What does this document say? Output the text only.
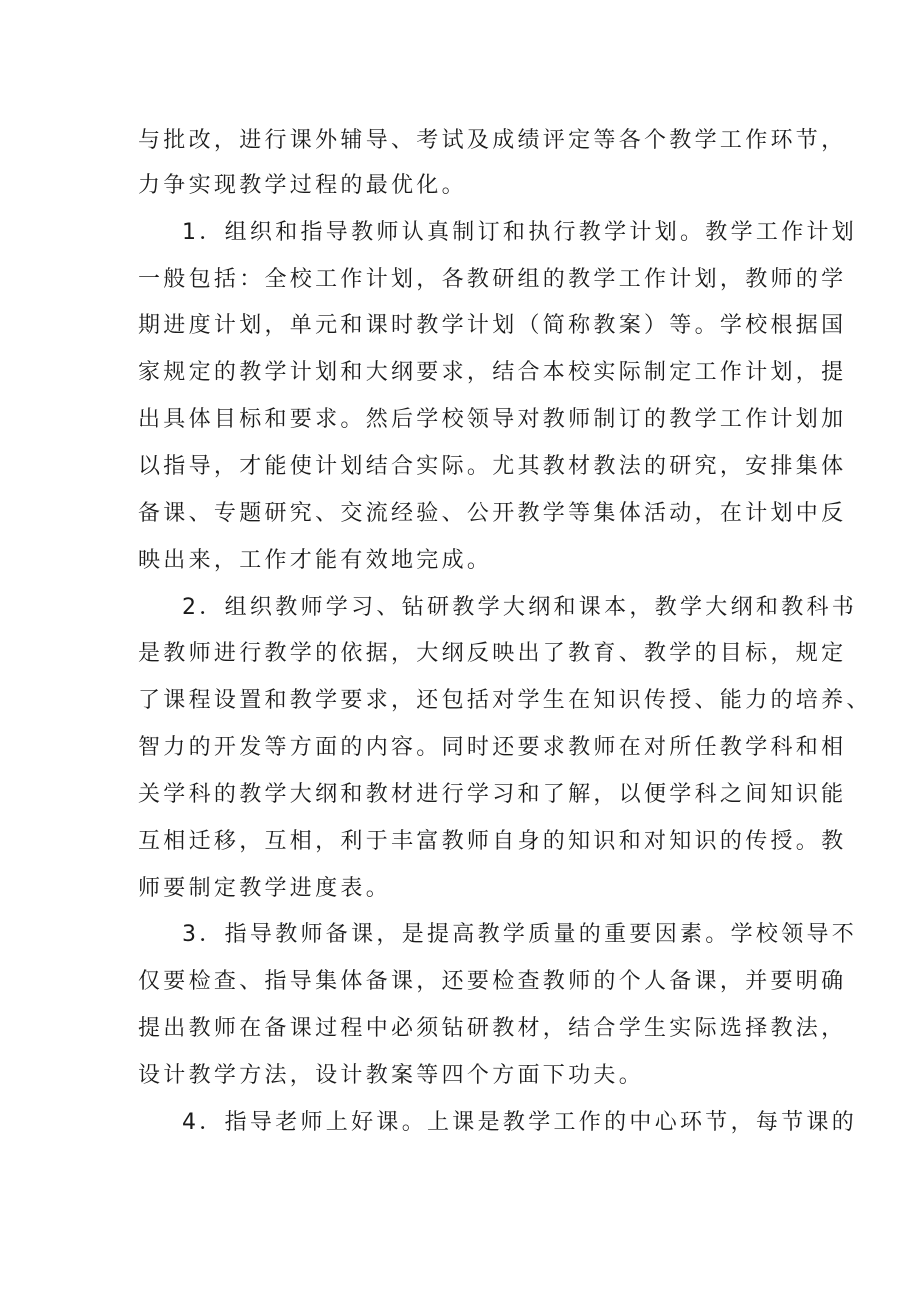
与批改，进行课外辅导、考试及成绩评定等各个教学工作环节，
力争实现教学过程的最优化。
1．组织和指导教师认真制订和执行教学计划。教学工作计划
一般包括：全校工作计划，各教研组的教学工作计划，教师的学
期进度计划，单元和课时教学计划（简称教案）等。学校根据国
家规定的教学计划和大纲要求，结合本校实际制定工作计划，提
出具体目标和要求。然后学校领导对教师制订的教学工作计划加
以指导，才能使计划结合实际。尤其教材教法的研究，安排集体
备课、专题研究、交流经验、公开教学等集体活动，在计划中反
映出来，工作才能有效地完成。
2．组织教师学习、钻研教学大纲和课本，教学大纲和教科书
是教师进行教学的依据，大纲反映出了教育、教学的目标，规定
了课程设置和教学要求，还包括对学生在知识传授、能力的培养、
智力的开发等方面的内容。同时还要求教师在对所任教学科和相
关学科的教学大纲和教材进行学习和了解，以便学科之间知识能
互相迁移，互相，利于丰富教师自身的知识和对知识的传授。教
师要制定教学进度表。
3．指导教师备课，是提高教学质量的重要因素。学校领导不
仅要检查、指导集体备课，还要检查教师的个人备课，并要明确
提出教师在备课过程中必须钻研教材，结合学生实际选择教法，
设计教学方法，设计教案等四个方面下功夫。
4．指导老师上好课。上课是教学工作的中心环节，每节课的
